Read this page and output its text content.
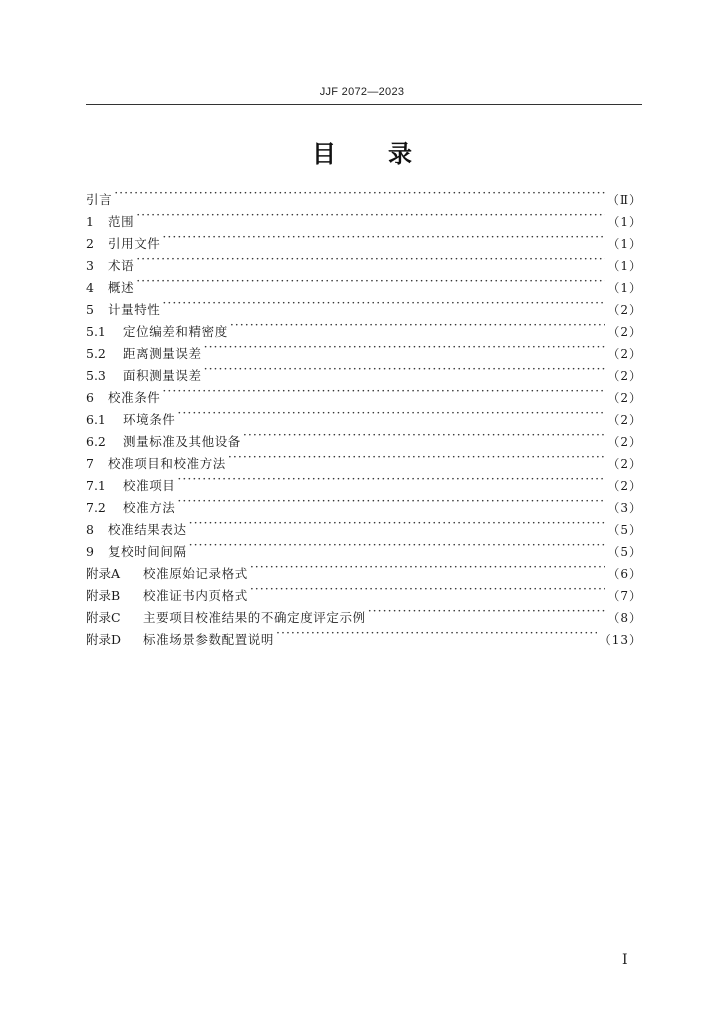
JJF 2072—2023
目 录
引言 ·····	（Ⅱ）
1	范围 ·····	（1）
2	引用文件 ·····	（1）
3	术语 ·····	（1）
4	概述 ·····	（1）
5	计量特性 ·····	（2）
5.1	定位编差和精密度 ·····	（2）
5.2	距离测量误差 ·····	（2）
5.3	面积测量误差 ·····	（2）
6	校准条件 ·····	（2）
6.1	环境条件 ·····	（2）
6.2	测量标准及其他设备 ·····	（2）
7	校准项目和校准方法 ·····	（2）
7.1	校准项目 ·····	（2）
7.2	校准方法 ·····	（3）
8	校准结果表达 ·····	（5）
9	复校时间间隔 ·····	（5）
附录A	校准原始记录格式 ·····	（6）
附录B	校准证书内页格式 ·····	（7）
附录C	主要项目校准结果的不确定度评定示例 ·····	（8）
附录D	标准场景参数配置说明 ·····	（13）
I
